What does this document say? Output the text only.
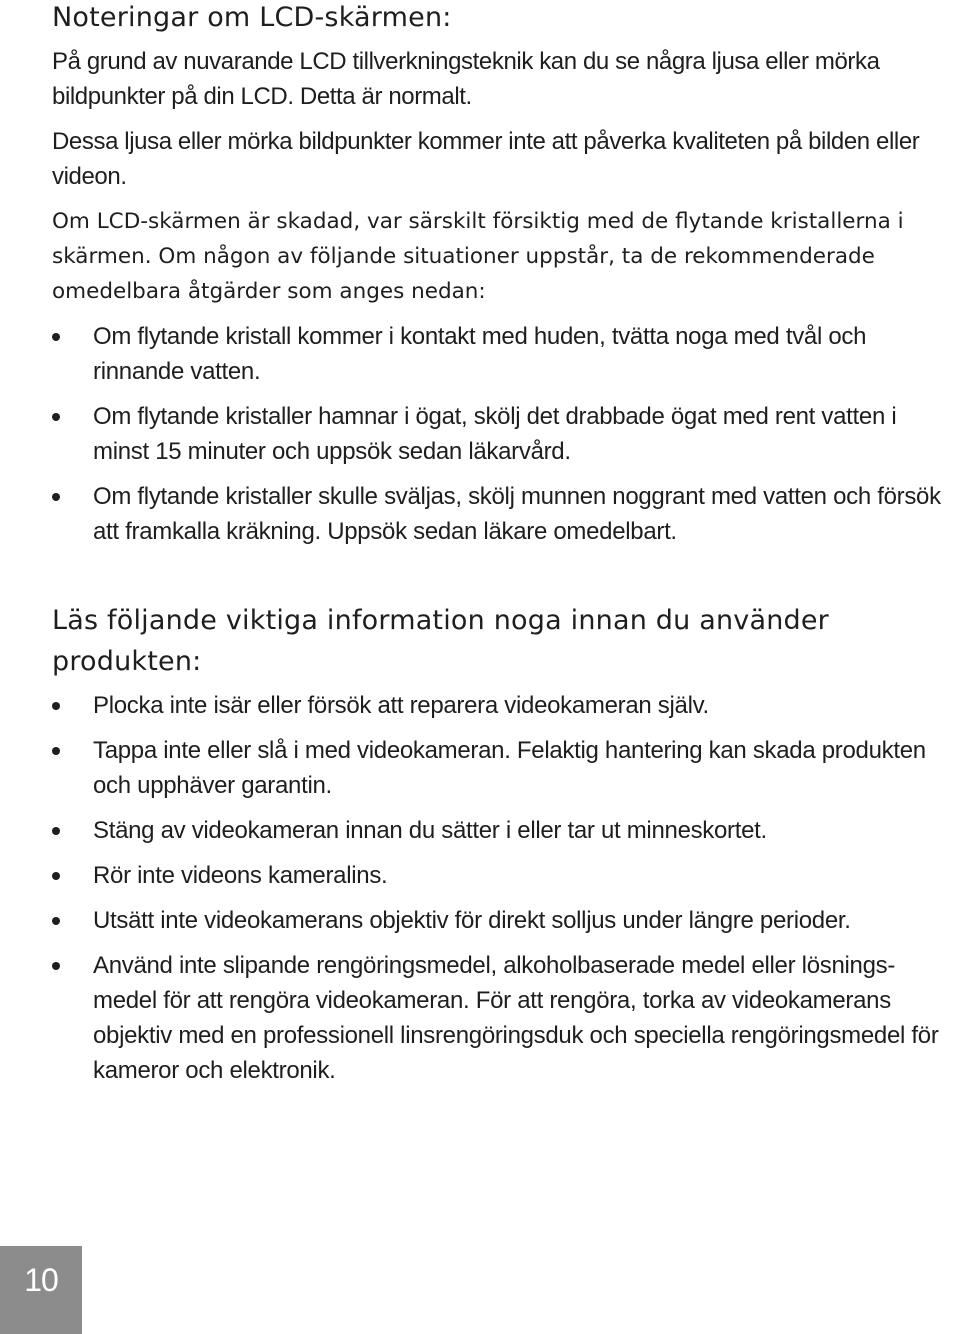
Noteringar om LCD-skärmen:

På grund av nuvarande LCD tillverkningsteknik kan du se några ljusa eller mörka bildpunkter på din LCD. Detta är normalt.

Dessa ljusa eller mörka bildpunkter kommer inte att påverka kvaliteten på bilden eller videon.

Om LCD-skärmen är skadad, var särskilt försiktig med de flytande kristallerna i skärmen. Om någon av följande situationer uppstår, ta de rekommenderade omedelbara åtgärder som anges nedan:

Om flytande kristall kommer i kontakt med huden, tvätta noga med tvål och rinnande vatten.
Om flytande kristaller hamnar i ögat, skölj det drabbade ögat med rent vatten i minst 15 minuter och uppsök sedan läkarvård.
Om flytande kristaller skulle sväljas, skölj munnen noggrant med vatten och försök att framkalla kräkning. Uppsök sedan läkare omedelbart.
Läs följande viktiga information noga innan du använder produkten:
Plocka inte isär eller försök att reparera videokameran själv.
Tappa inte eller slå i med videokameran. Felaktig hantering kan skada produkten och upphäver garantin.
Stäng av videokameran innan du sätter i eller tar ut minneskortet.
Rör inte videons kameralins.
Utsätt inte videokamerans objektiv för direkt solljus under längre perioder.
Använd inte slipande rengöringsmedel, alkoholbaserade medel eller lösnings-medel för att rengöra videokameran. För att rengöra, torka av videokamerans objektiv med en professionell linsrengöringsduk och speciella rengöringsmedel för kameror och elektronik.
10
